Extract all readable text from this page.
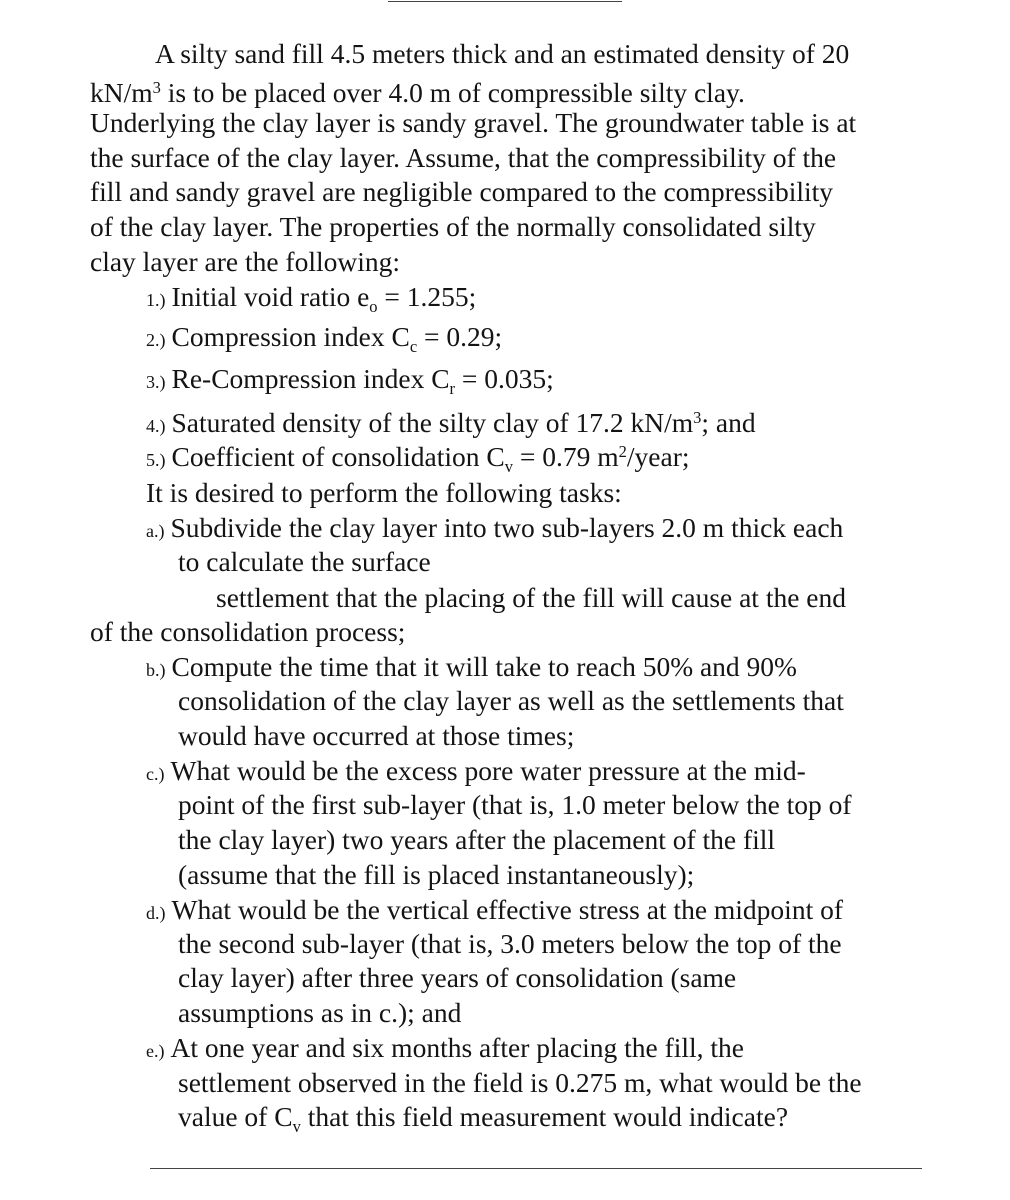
A silty sand fill 4.5 meters thick and an estimated density of 20
$kN/m^3$ is to be placed over 4.0 m of compressible silty clay.
Underlying the clay layer is sandy gravel. The groundwater table is at
the surface of the clay layer. Assume, that the compressibility of the
fill and sandy gravel are negligible compared to the compressibility
of the clay layer. The properties of the normally consolidated silty
clay layer are the following:
1.) Initial void ratio $e_o = 1.255$;
2.) Compression index $C_c = 0.29$;
3.) Re-Compression index $C_r = 0.035$;
4.) Saturated density of the silty clay of 17.2 $kN/m^3$; and
5.) Coefficient of consolidation $C_v = 0.79$ $m^2$/year;
It is desired to perform the following tasks:
a.) Subdivide the clay layer into two sub-layers 2.0 m thick each
to calculate the surface
settlement that the placing of the fill will cause at the end
of the consolidation process;
b.) Compute the time that it will take to reach 50% and 90%
consolidation of the clay layer as well as the settlements that
would have occurred at those times;
c.) What would be the excess pore water pressure at the mid-
point of the first sub-layer (that is, 1.0 meter below the top of
the clay layer) two years after the placement of the fill
(assume that the fill is placed instantaneously);
d.) What would be the vertical effective stress at the midpoint of
the second sub-layer (that is, 3.0 meters below the top of the
clay layer) after three years of consolidation (same
assumptions as in c.); and
e.) At one year and six months after placing the fill, the
settlement observed in the field is 0.275 m, what would be the
value of $C_v$ that this field measurement would indicate?
